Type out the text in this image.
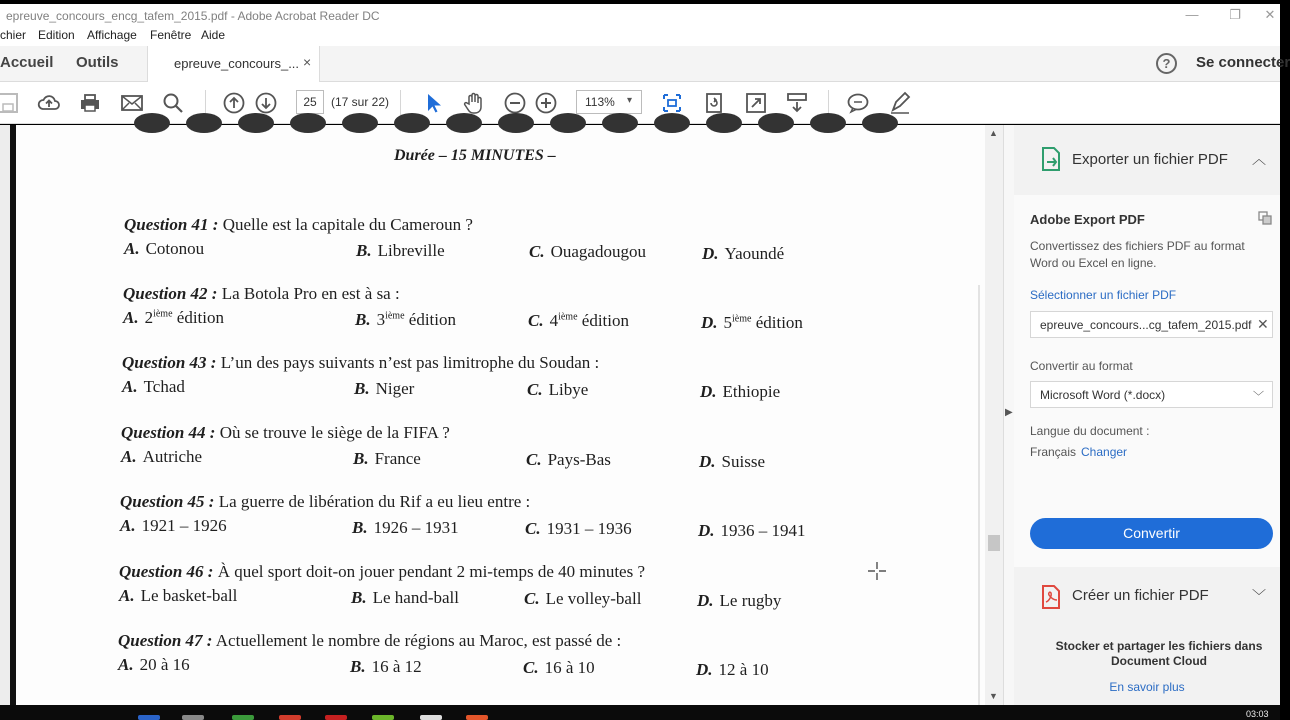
epreuve_concours_encg_tafem_2015.pdf - Adobe Acrobat Reader DC	—	❐	✕
chier Edition Affichage Fenêtre Aide
Accueil Outils	epreuve_concours_... ×	?	Se connecter
25	(17 sur 22)	113% ▾
Durée – 15 MINUTES –
Question 41 : Quelle est la capitale du Cameroun ?
A. Cotonou	B. Libreville	C. Ouagadougou	D. Yaoundé
Question 42 : La Botola Pro en est à sa :
A. 2ième édition	B. 3ième édition	C. 4ième édition	D. 5ième édition
Question 43 : L’un des pays suivants n’est pas limitrophe du Soudan :
A. Tchad	B. Niger	C. Libye	D. Ethiopie
Question 44 : Où se trouve le siège de la FIFA ?
A. Autriche	B. France	C. Pays-Bas	D. Suisse
Question 45 : La guerre de libération du Rif a eu lieu entre :
A. 1921 – 1926	B. 1926 – 1931	C. 1931 – 1936	D. 1936 – 1941
Question 46 : À quel sport doit-on jouer pendant 2 mi-temps de 40 minutes ?
A. Le basket-ball	B. Le hand-ball	C. Le volley-ball	D. Le rugby
Question 47 : Actuellement le nombre de régions au Maroc, est passé de :
A. 20 à 16	B. 16 à 12	C. 16 à 10	D. 12 à 10
▲
▼
▶
Exporter un fichier PDF ︿
Adobe Export PDF
Convertissez des fichiers PDF au format Word ou Excel en ligne.
Sélectionner un fichier PDF
epreuve_concours...cg_tafem_2015.pdf ✕
Convertir au format
Microsoft Word (*.docx)	﹀
Langue du document :
Français Changer
Convertir
Créer un fichier PDF	﹀
Stocker et partager les fichiers dans Document Cloud
En savoir plus
03:03
